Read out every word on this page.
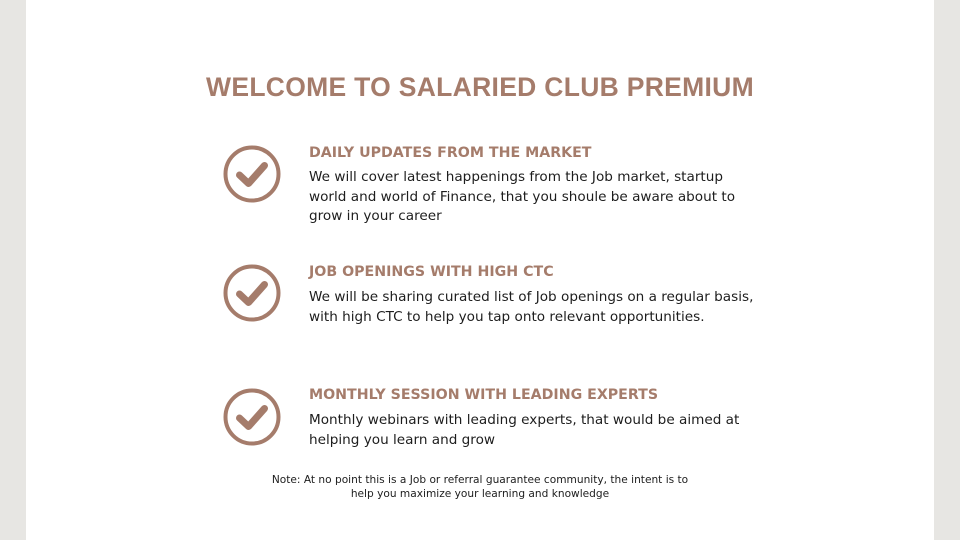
WELCOME TO SALARIED CLUB PREMIUM
DAILY UPDATES FROM THE MARKET
We will cover latest happenings from the Job market, startup world and world of Finance, that you shoule be aware about to grow in your career
JOB OPENINGS WITH HIGH CTC
We will be sharing curated list of Job openings on a regular basis, with high CTC to help you tap onto relevant opportunities.
MONTHLY SESSION WITH LEADING EXPERTS
Monthly webinars with leading experts, that would be aimed at helping you learn and grow
Note: At no point this is a Job or referral guarantee community, the intent is to
help you maximize your learning and knowledge
